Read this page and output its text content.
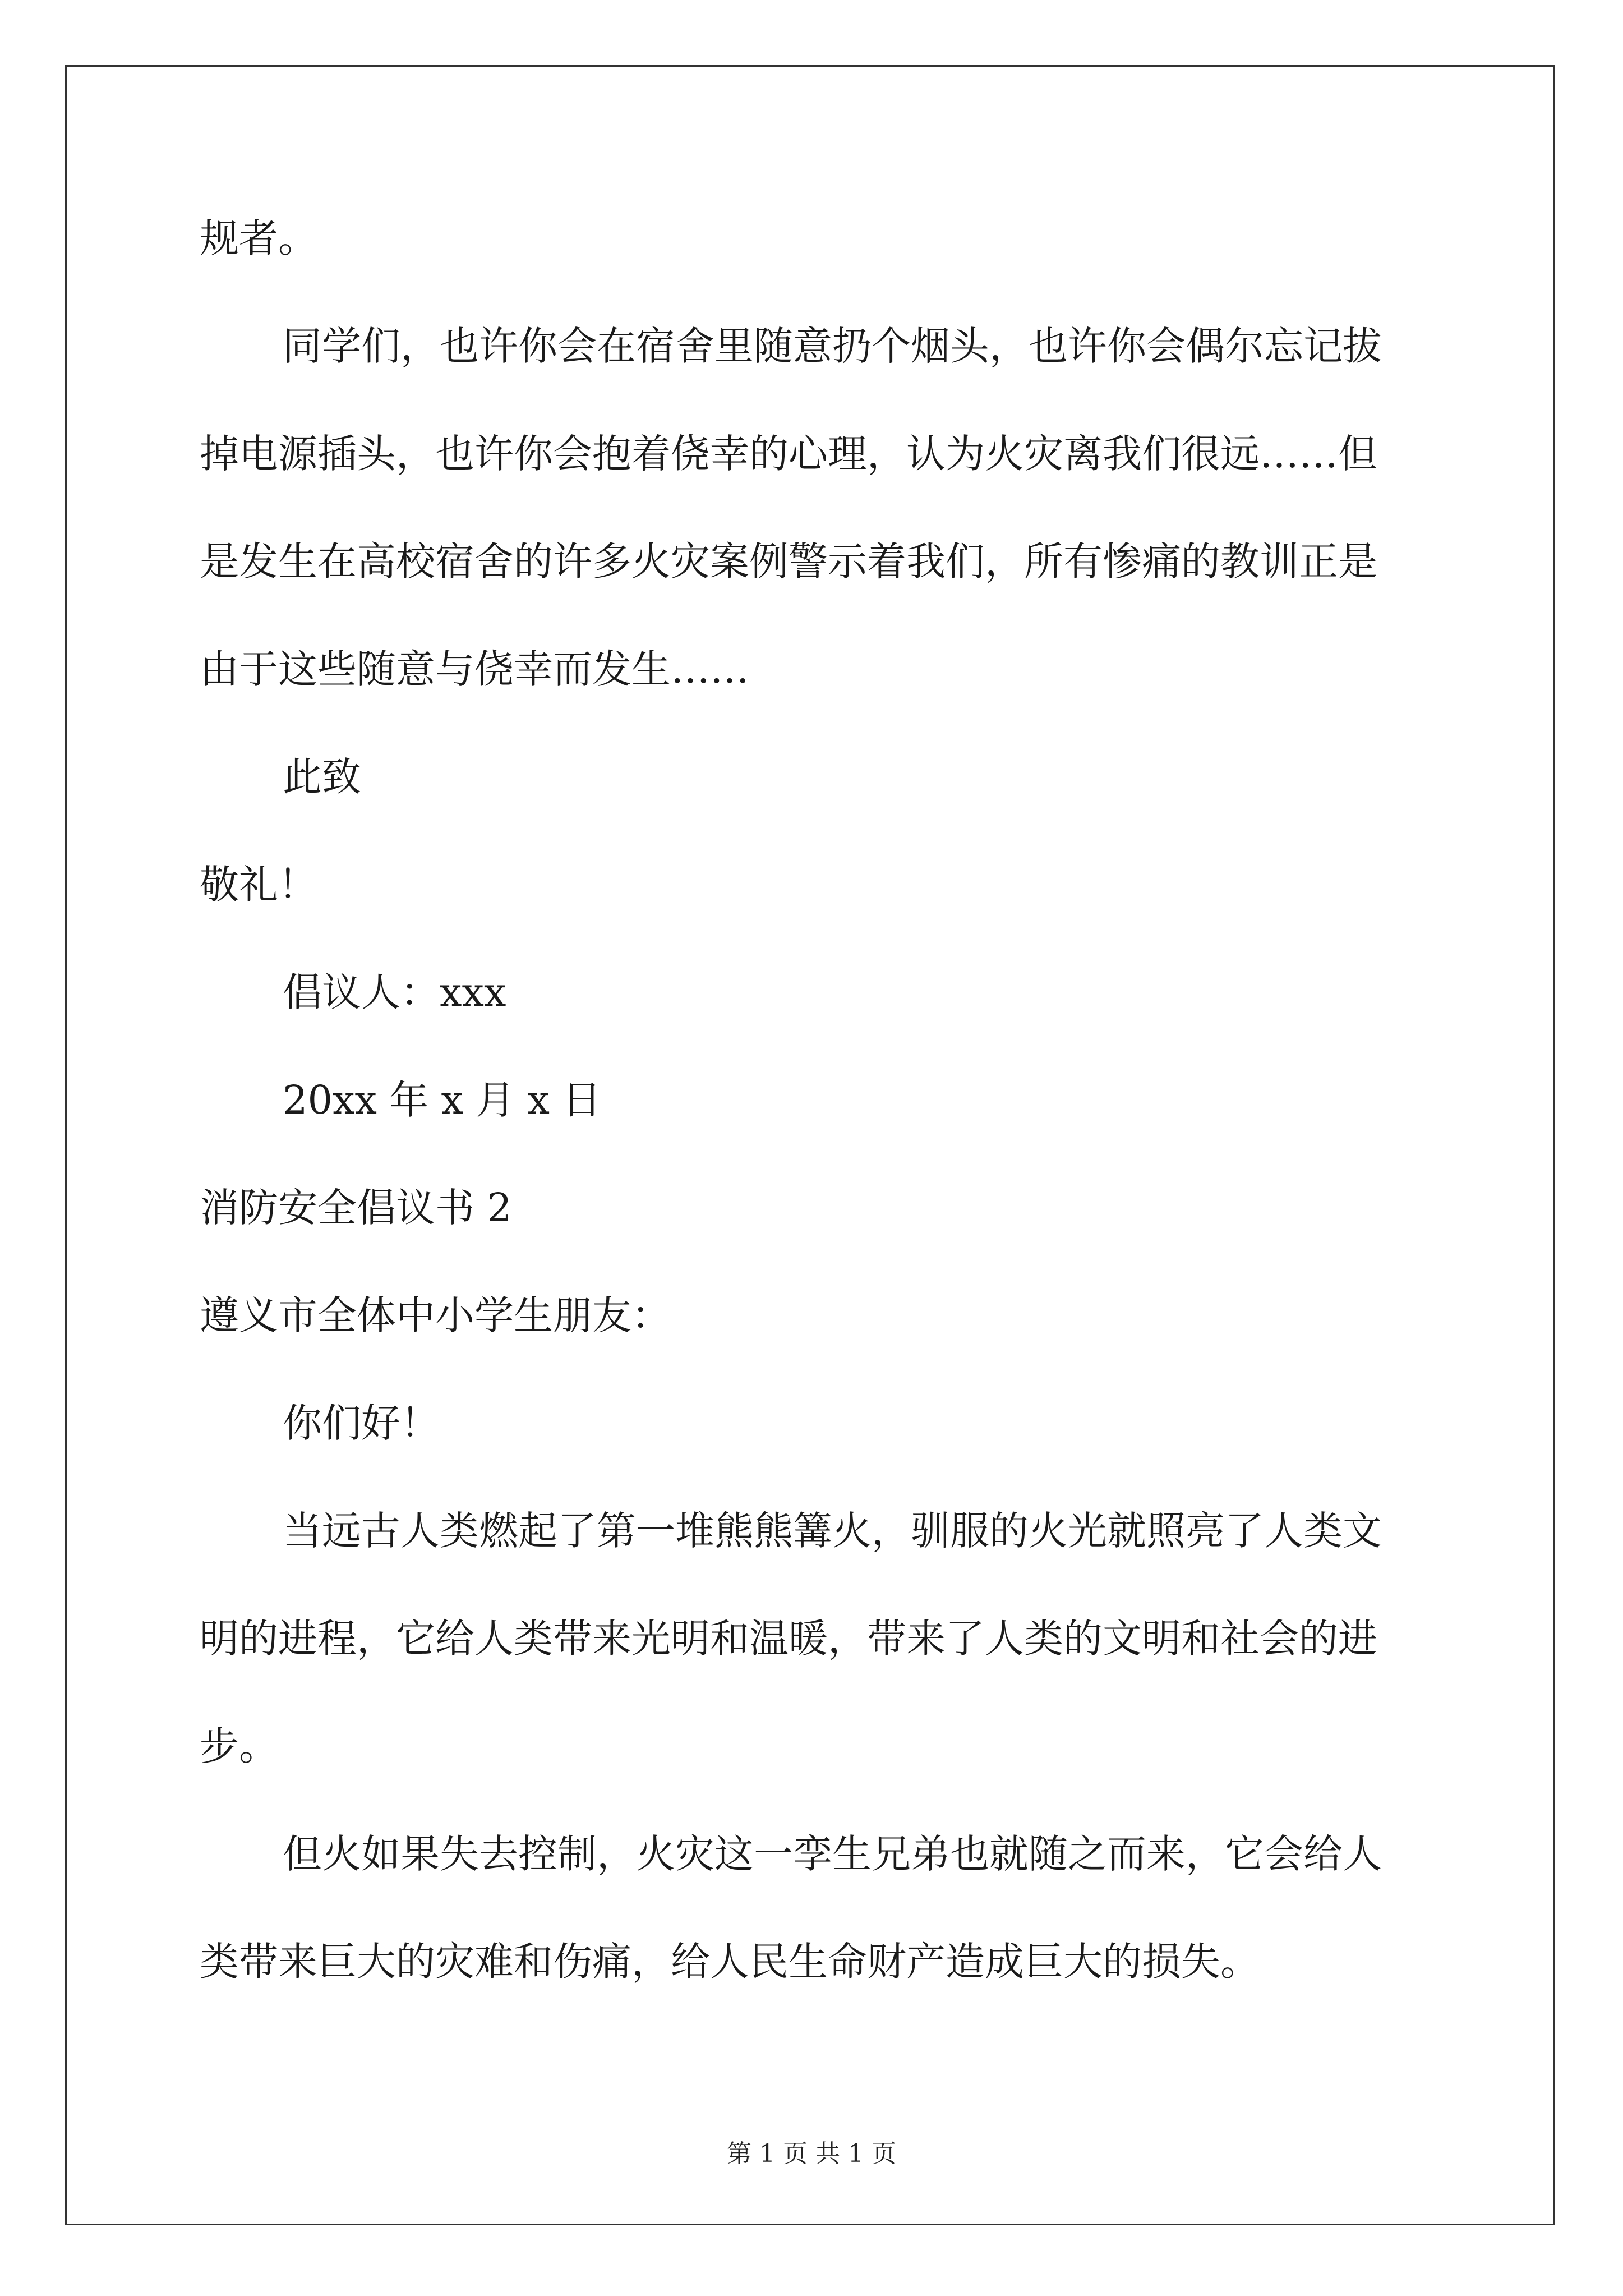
规者。
同学们，也许你会在宿舍里随意扔个烟头，也许你会偶尔忘记拔
掉电源插头，也许你会抱着侥幸的心理，认为火灾离我们很远……但
是发生在高校宿舍的许多火灾案例警示着我们，所有惨痛的教训正是
由于这些随意与侥幸而发生……
此致
敬礼！
倡议人：xxx
20xx 年 x 月 x 日
消防安全倡议书 2
遵义市全体中小学生朋友：
你们好！
当远古人类燃起了第一堆熊熊篝火，驯服的火光就照亮了人类文
明的进程，它给人类带来光明和温暖，带来了人类的文明和社会的进
步。
但火如果失去控制，火灾这一孪生兄弟也就随之而来，它会给人
类带来巨大的灾难和伤痛，给人民生命财产造成巨大的损失。
第 1 页 共 1 页
